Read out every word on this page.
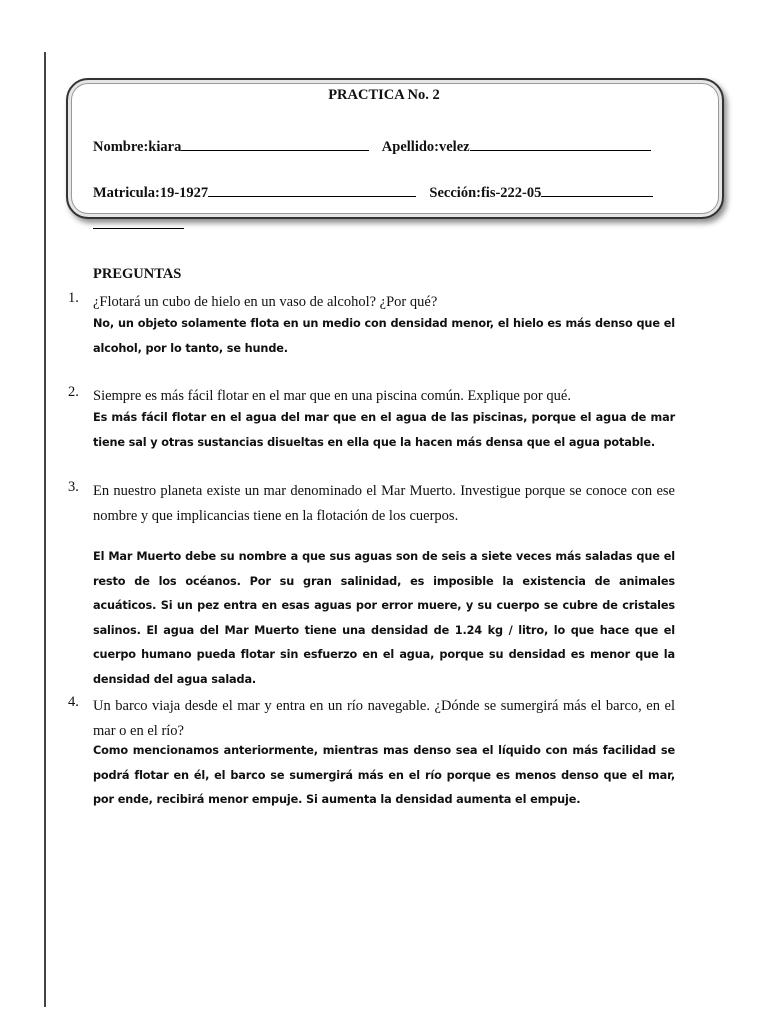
PRACTICA No. 2
Nombre:kiara	Apellido:velez
Matricula:19-1927	Sección:fis-222-05
PREGUNTAS
1. ¿Flotará un cubo de hielo en un vaso de alcohol? ¿Por qué?
No, un objeto solamente flota en un medio con densidad menor, el hielo es más denso que el alcohol, por lo tanto, se hunde.
2. Siempre es más fácil flotar en el mar que en una piscina común. Explique por qué.
Es más fácil flotar en el agua del mar que en el agua de las piscinas, porque el agua de mar tiene sal y otras sustancias disueltas en ella que la hacen más densa que el agua potable.
3. En nuestro planeta existe un mar denominado el Mar Muerto. Investigue porque se conoce con ese nombre y que implicancias tiene en la flotación de los cuerpos.
El Mar Muerto debe su nombre a que sus aguas son de seis a siete veces más saladas que el resto de los océanos. Por su gran salinidad, es imposible la existencia de animales acuáticos. Si un pez entra en esas aguas por error muere, y su cuerpo se cubre de cristales salinos. El agua del Mar Muerto tiene una densidad de 1.24 kg / litro, lo que hace que el cuerpo humano pueda flotar sin esfuerzo en el agua, porque su densidad es menor que la densidad del agua salada.
4. Un barco viaja desde el mar y entra en un río navegable. ¿Dónde se sumergirá más el barco, en el mar o en el río?
Como mencionamos anteriormente, mientras mas denso sea el líquido con más facilidad se podrá flotar en él, el barco se sumergirá más en el río porque es menos denso que el mar, por ende, recibirá menor empuje. Si aumenta la densidad aumenta el empuje.
